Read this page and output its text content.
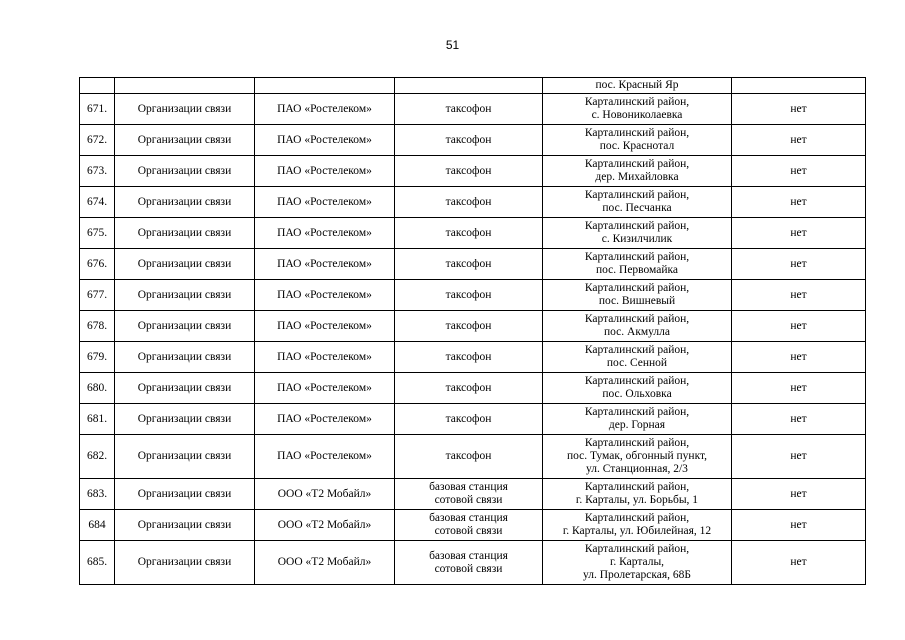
51

				пос. Красный Яр	

671.	Организации связи	ПАО «Ростелеком»	таксофон	Карталинский район,
с. Новониколаевка	нет
672.	Организации связи	ПАО «Ростелеком»	таксофон	Карталинский район,
пос. Краснотал	нет
673.	Организации связи	ПАО «Ростелеком»	таксофон	Карталинский район,
дер. Михайловка	нет
674.	Организации связи	ПАО «Ростелеком»	таксофон	Карталинский район,
пос. Песчанка	нет
675.	Организации связи	ПАО «Ростелеком»	таксофон	Карталинский район,
с. Кизилчилик	нет
676.	Организации связи	ПАО «Ростелеком»	таксофон	Карталинский район,
пос. Первомайка	нет
677.	Организации связи	ПАО «Ростелеком»	таксофон	Карталинский район,
пос. Вишневый	нет
678.	Организации связи	ПАО «Ростелеком»	таксофон	Карталинский район,
пос. Акмулла	нет
679.	Организации связи	ПАО «Ростелеком»	таксофон	Карталинский район,
пос. Сенной	нет
680.	Организации связи	ПАО «Ростелеком»	таксофон	Карталинский район,
пос. Ольховка	нет
681.	Организации связи	ПАО «Ростелеком»	таксофон	Карталинский район,
дер. Горная	нет
682.	Организации связи	ПАО «Ростелеком»	таксофон	Карталинский район,
пос. Тумак, обгонный пункт,
ул. Станционная, 2/3	нет
683.	Организации связи	ООО «Т2 Мобайл»	базовая станция
сотовой связи	Карталинский район,
г. Карталы, ул. Борьбы, 1	нет
684	Организации связи	ООО «Т2 Мобайл»	базовая станция
сотовой связи	Карталинский район,
г. Карталы, ул. Юбилейная, 12	нет
685.	Организации связи	ООО «Т2 Мобайл»	базовая станция
сотовой связи	Карталинский район,
г. Карталы,
ул. Пролетарская, 68Б	нет
